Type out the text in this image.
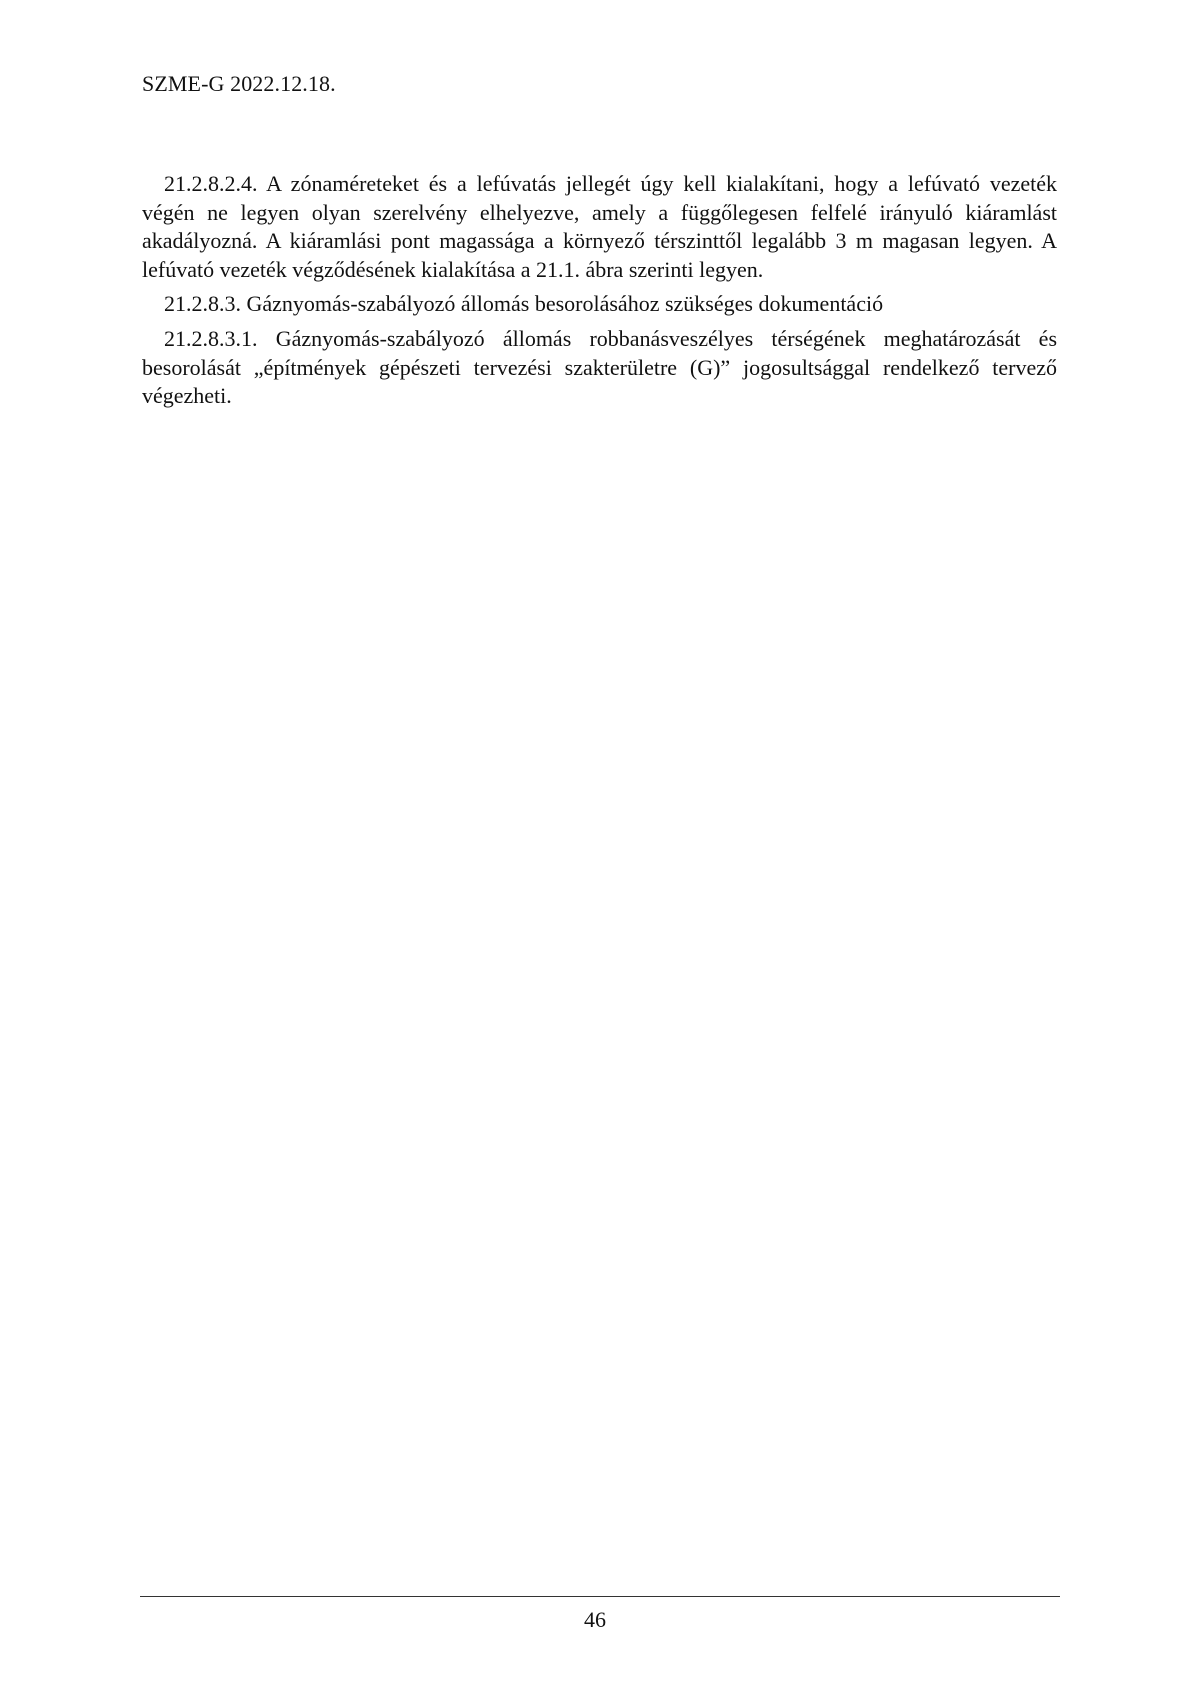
SZME-G 2022.12.18.

21.2.8.2.4. A zónaméreteket és a lefúvatás jellegét úgy kell kialakítani, hogy a lefúvató vezeték végén ne legyen olyan szerelvény elhelyezve, amely a függőlegesen felfelé irányuló kiáramlást akadályozná. A kiáramlási pont magassága a környező térszinttől legalább 3 m magasan legyen. A lefúvató vezeték végződésének kialakítása a 21.1. ábra szerinti legyen.

21.2.8.3. Gáznyomás-szabályozó állomás besorolásához szükséges dokumentáció

21.2.8.3.1. Gáznyomás-szabályozó állomás robbanásveszélyes térségének meghatározását és besorolását „építmények gépészeti tervezési szakterületre (G)” jogosultsággal rendelkező tervező végezheti.

46
